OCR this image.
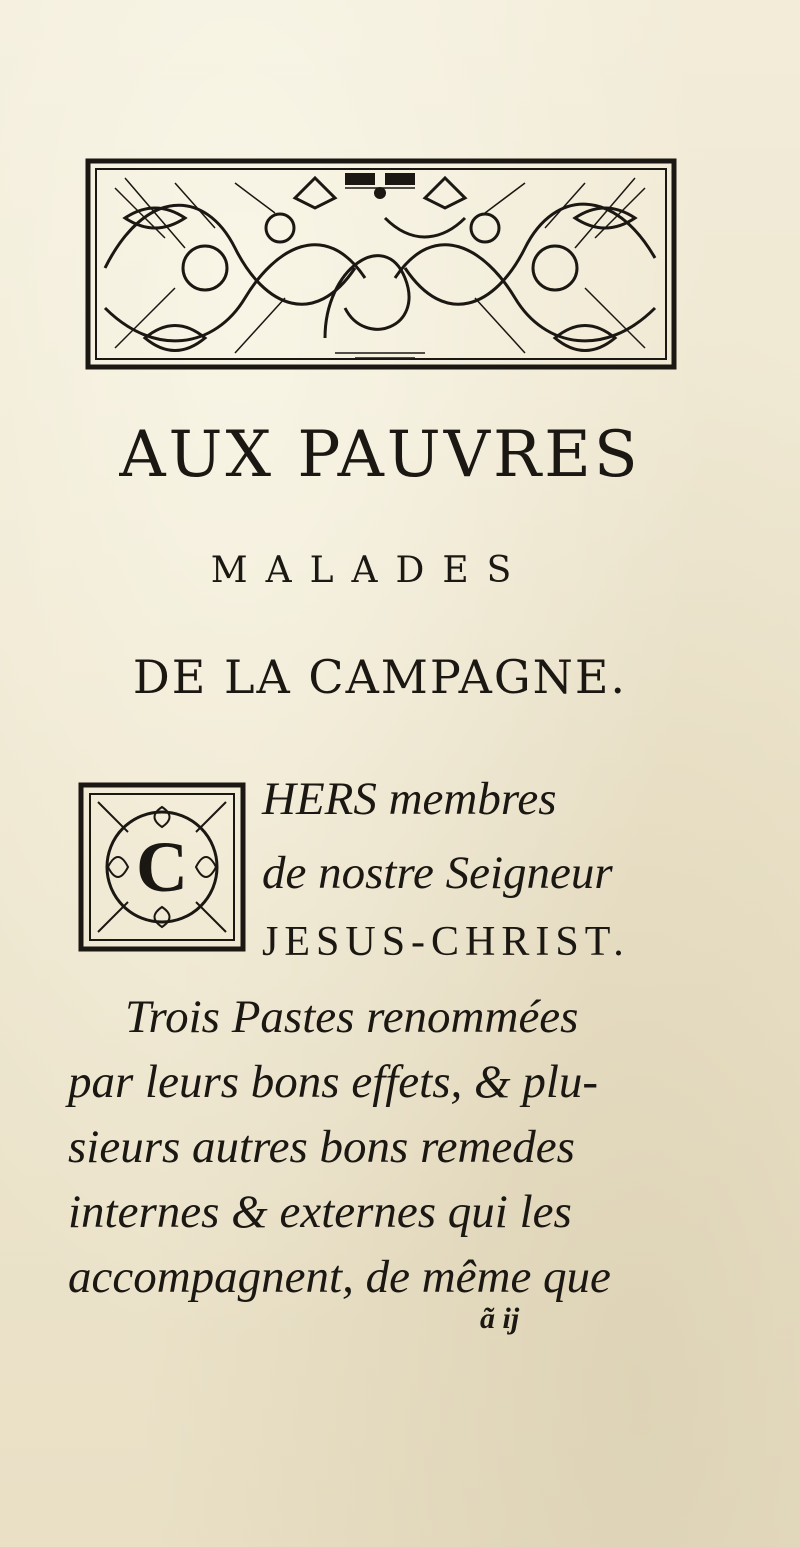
AUX PAUVRES
MALADES
DE LA CAMPAGNE.
C
HERS membres
de nostre Seigneur
JESUS-CHRIST.
Trois Pastes renommées
par leurs bons effets, & plu-
sieurs autres bons remedes
internes & externes qui les
accompagnent, de même que
ã ij
